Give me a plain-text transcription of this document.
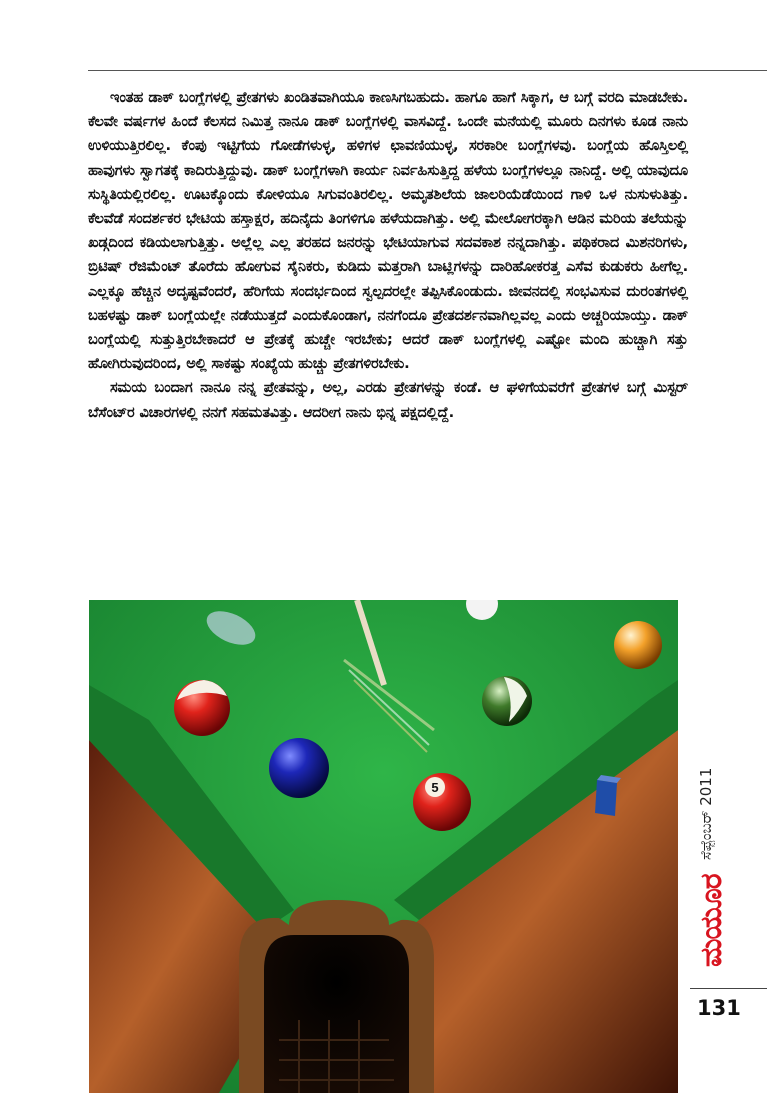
ಇಂತಹ ಡಾಕ್ ಬಂಗ್ಲೆಗಳಲ್ಲಿ ಪ್ರೇತಗಳು ಖಂಡಿತವಾಗಿಯೂ ಕಾಣಸಿಗಬಹುದು. ಹಾಗೂ ಹಾಗೆ ಸಿಕ್ಕಾಗ, ಆ ಬಗ್ಗೆ ವರದಿ ಮಾಡಬೇಕು. ಕೆಲವೇ ವರ್ಷಗಳ ಹಿಂದೆ ಕೆಲಸದ ನಿಮಿತ್ತ ನಾನೂ ಡಾಕ್ ಬಂಗ್ಲೆಗಳಲ್ಲಿ ವಾಸವಿದ್ದೆ. ಒಂದೇ ಮನೆಯಲ್ಲಿ ಮೂರು ದಿನಗಳು ಕೂಡ ನಾನು ಉಳಿಯುತ್ತಿರಲಿಲ್ಲ. ಕೆಂಪು ಇಟ್ಟಿಗೆಯ ಗೋಡೆಗಳುಳ್ಳ, ಹಳಿಗಳ ಛಾವಣಿಯುಳ್ಳ, ಸರಕಾರೀ ಬಂಗ್ಲೆಗಳವು. ಬಂಗ್ಲೆಯ ಹೊಸ್ತಿಲಲ್ಲಿ ಹಾವುಗಳು ಸ್ವಾಗತಕ್ಕೆ ಕಾದಿರುತ್ತಿದ್ದುವು. ಡಾಕ್ ಬಂಗ್ಲೆಗಳಾಗಿ ಕಾರ್ಯ ನಿರ್ವಹಿಸುತ್ತಿದ್ದ ಹಳೆಯ ಬಂಗ್ಲೆಗಳಲ್ಲೂ ನಾನಿದ್ದೆ. ಅಲ್ಲಿ ಯಾವುದೂ ಸುಸ್ಥಿತಿಯಲ್ಲಿರಲಿಲ್ಲ. ಊಟಕ್ಕೊಂದು ಕೋಳಿಯೂ ಸಿಗುವಂತಿರಲಿಲ್ಲ. ಅಮೃತಶಿಲೆಯ ಜಾಲರಿಯೆಡೆಯಿಂದ ಗಾಳಿ ಒಳ ನುಸುಳುತಿತ್ತು. ಕೆಲವೆಡೆ ಸಂದರ್ಶಕರ ಭೇಟಿಯ ಹಸ್ತಾಕ್ಷರ, ಹದಿನೈದು ತಿಂಗಳಿಗೂ ಹಳೆಯದಾಗಿತ್ತು. ಅಲ್ಲಿ ಮೇಲೋಗರಕ್ಕಾಗಿ ಆಡಿನ ಮರಿಯ ತಲೆಯನ್ನು ಖಡ್ಗದಿಂದ ಕಡಿಯಲಾಗುತ್ತಿತ್ತು. ಅಲ್ಲೆಲ್ಲ ಎಲ್ಲ ತರಹದ ಜನರನ್ನು ಭೇಟಿಯಾಗುವ ಸದವಕಾಶ ನನ್ನದಾಗಿತ್ತು. ಪಥಿಕರಾದ ಮಿಶನರಿಗಳು, ಬ್ರಿಟಿಷ್ ರೆಜಿಮೆಂಟ್ ತೊರೆದು ಹೋಗುವ ಸೈನಿಕರು, ಕುಡಿದು ಮತ್ತರಾಗಿ ಬಾಟ್ಲಿಗಳನ್ನು ದಾರಿಹೋಕರತ್ತ ಎಸೆವ ಕುಡುಕರು ಹೀಗೆಲ್ಲ. ಎಲ್ಲಕ್ಕೂ ಹೆಚ್ಚಿನ ಅದೃಷ್ಟವೆಂದರೆ, ಹೆರಿಗೆಯ ಸಂದರ್ಭದಿಂದ ಸ್ವಲ್ಪದರಲ್ಲೇ ತಪ್ಪಿಸಿಕೊಂಡುದು. ಜೀವನದಲ್ಲಿ ಸಂಭವಿಸುವ ದುರಂತಗಳಲ್ಲಿ ಬಹಳಷ್ಟು ಡಾಕ್ ಬಂಗ್ಲೆಯಲ್ಲೇ ನಡೆಯುತ್ತದೆ ಎಂದುಕೊಂಡಾಗ, ನನಗೆಂದೂ ಪ್ರೇತದರ್ಶನವಾಗಿಲ್ಲವಲ್ಲ ಎಂದು ಅಚ್ಚರಿಯಾಯ್ತು. ಡಾಕ್ ಬಂಗ್ಲೆಯಲ್ಲಿ ಸುತ್ತುತ್ತಿರಬೇಕಾದರೆ ಆ ಪ್ರೇತಕ್ಕೆ ಹುಚ್ಚೇ ಇರಬೇಕು; ಆದರೆ ಡಾಕ್ ಬಂಗ್ಲೆಗಳಲ್ಲಿ ಎಷ್ಟೋ ಮಂದಿ ಹುಚ್ಚಾಗಿ ಸತ್ತು ಹೋಗಿರುವುದರಿಂದ, ಅಲ್ಲಿ ಸಾಕಷ್ಟು ಸಂಖ್ಯೆಯ ಹುಚ್ಚು ಪ್ರೇತಗಳಿರಬೇಕು.

ಸಮಯ ಬಂದಾಗ ನಾನೂ ನನ್ನ ಪ್ರೇತವನ್ನು, ಅಲ್ಲ, ಎರಡು ಪ್ರೇತಗಳನ್ನು ಕಂಡೆ. ಆ ಘಳಿಗೆಯವರೆಗೆ ಪ್ರೇತಗಳ ಬಗ್ಗೆ ಮಿಸ್ಟರ್ ಬೆಸೆಂಟ್‌ರ ವಿಚಾರಗಳಲ್ಲಿ ನನಗೆ ಸಹಮತವಿತ್ತು. ಆದರೀಗ ನಾನು ಭಿನ್ನ ಪಕ್ಷದಲ್ಲಿದ್ದೆ.

5	ಸೆಪ್ಟೆಂಬರ್ 2011
ಮಯೂರ
131
